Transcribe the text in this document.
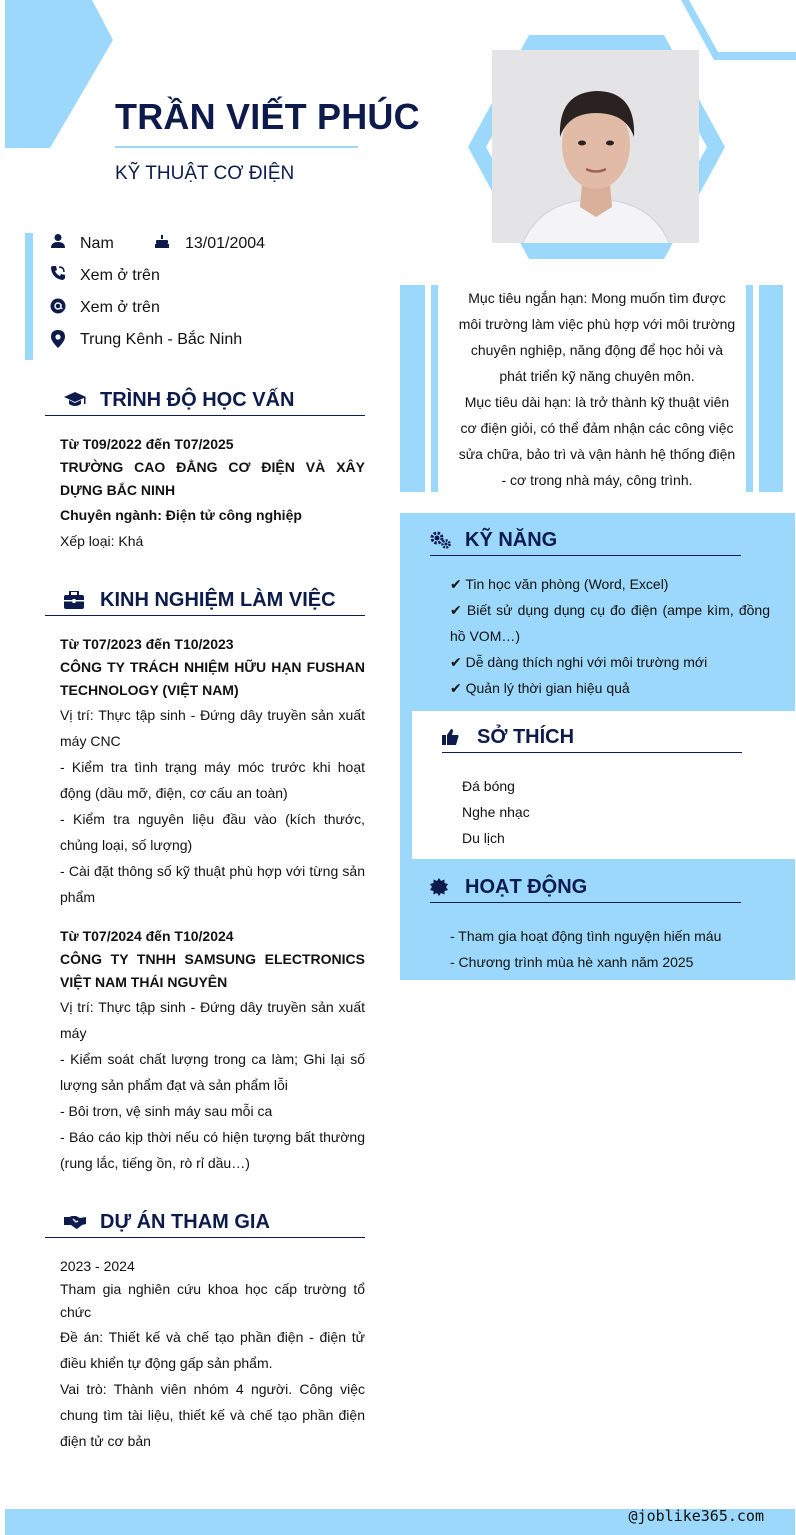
TRẦN VIẾT PHÚC
KỸ THUẬT CƠ ĐIỆN
Nam	13/01/2004
Xem ở trên
Xem ở trên
Trung Kênh - Bắc Ninh
TRÌNH ĐỘ HỌC VẤN
Từ T09/2022 đến T07/2025
TRƯỜNG CAO ĐẲNG CƠ ĐIỆN VÀ XÂY DỰNG BẮC NINH
Chuyên ngành: Điện tử công nghiệp
Xếp loại: Khá
KINH NGHIỆM LÀM VIỆC
Từ T07/2023 đến T10/2023
CÔNG TY TRÁCH NHIỆM HỮU HẠN FUSHAN TECHNOLOGY (VIỆT NAM)
Vị trí: Thực tập sinh - Đứng dây truyền sản xuất máy CNC
- Kiểm tra tình trạng máy móc trước khi hoạt động (dầu mỡ, điện, cơ cấu an toàn)
- Kiểm tra nguyên liệu đầu vào (kích thước, chủng loại, số lượng)
- Cài đặt thông số kỹ thuật phù hợp với từng sản phẩm
Từ T07/2024 đến T10/2024
CÔNG TY TNHH SAMSUNG ELECTRONICS VIỆT NAM THÁI NGUYÊN
Vị trí: Thực tập sinh - Đứng dây truyền sản xuất máy
- Kiểm soát chất lượng trong ca làm; Ghi lại số lượng sản phẩm đạt và sản phẩm lỗi
- Bôi trơn, vệ sinh máy sau mỗi ca
- Báo cáo kịp thời nếu có hiện tượng bất thường (rung lắc, tiếng ồn, rò rỉ dầu…)
DỰ ÁN THAM GIA
2023 - 2024
Tham gia nghiên cứu khoa học cấp trường tổ chức
Đề án: Thiết kế và chế tạo phần điện - điện tử điều khiển tự động gấp sản phẩm.
Vai trò: Thành viên nhóm 4 người. Công việc chung tìm tài liệu, thiết kế và chế tạo phần điện điện tử cơ bản
Mục tiêu ngắn hạn: Mong muốn tìm được môi trường làm việc phù hợp với môi trường chuyên nghiệp, năng động để học hỏi và phát triển kỹ năng chuyên môn.
Mục tiêu dài hạn: là trở thành kỹ thuật viên cơ điện giỏi, có thể đảm nhận các công việc sửa chữa, bảo trì và vận hành hệ thống điện - cơ trong nhà máy, công trình.
KỸ NĂNG
✔ Tin học văn phòng (Word, Excel)
✔ Biết sử dụng dụng cụ đo điện (ampe kìm, đồng hồ VOM…)
✔ Dễ dàng thích nghi với môi trường mới
✔ Quản lý thời gian hiệu quả
SỞ THÍCH
Đá bóng
Nghe nhạc
Du lịch
HOẠT ĐỘNG
- Tham gia hoạt động tình nguyện hiến máu
- Chương trình mùa hè xanh năm 2025
@joblike365.com
